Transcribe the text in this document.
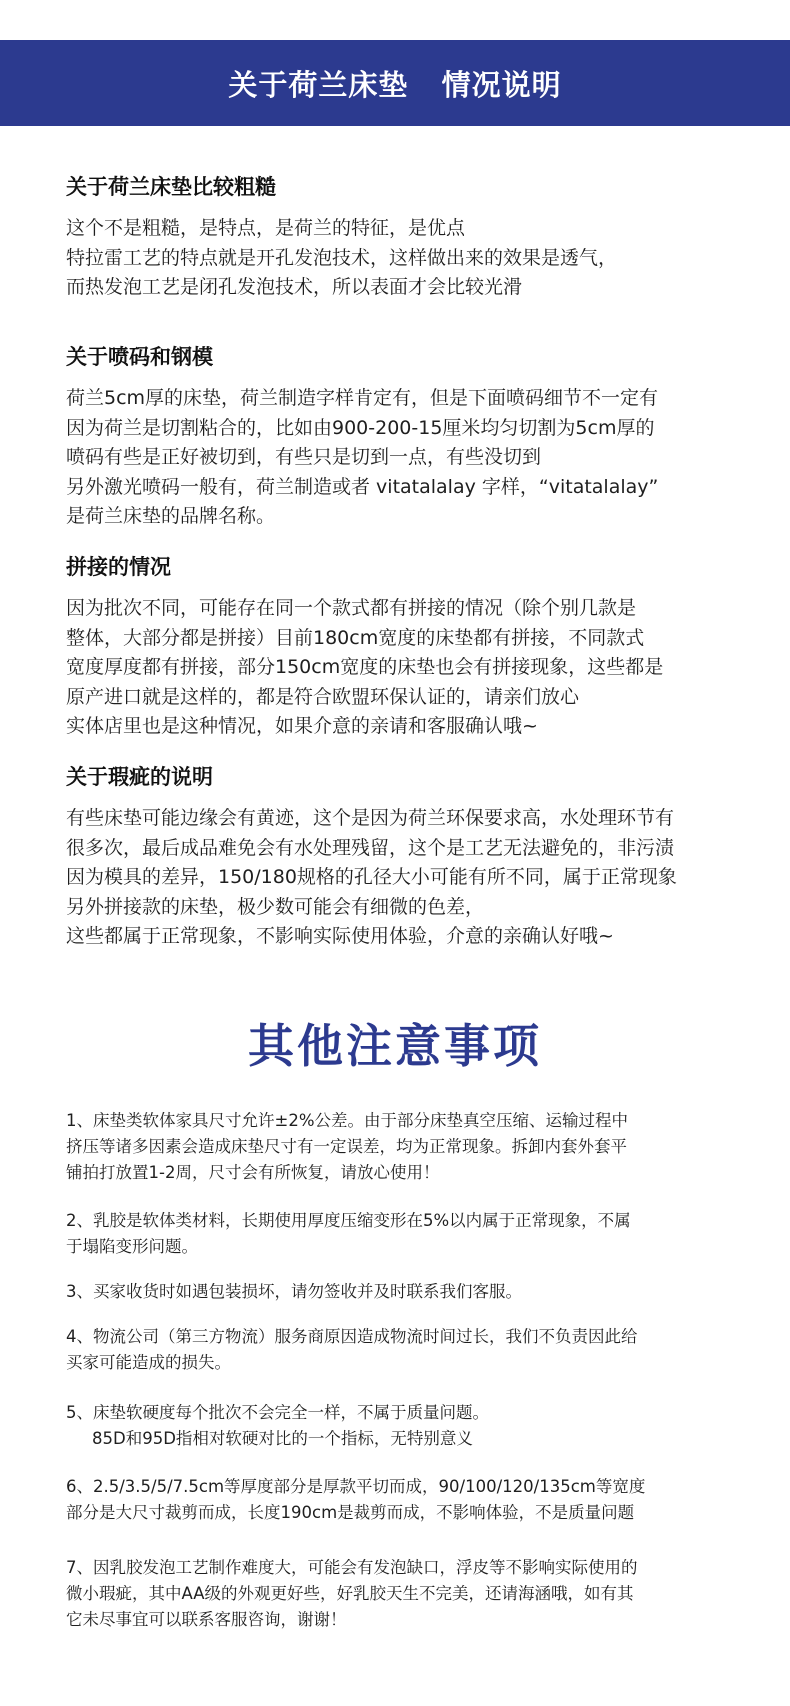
关于荷兰床垫   情况说明
关于荷兰床垫比较粗糙
这个不是粗糙，是特点，是荷兰的特征，是优点
特拉雷工艺的特点就是开孔发泡技术，这样做出来的效果是透气，
而热发泡工艺是闭孔发泡技术，所以表面才会比较光滑
关于喷码和钢模
荷兰5cm厚的床垫，荷兰制造字样肯定有，但是下面喷码细节不一定有
因为荷兰是切割粘合的，比如由900-200-15厘米均匀切割为5cm厚的
喷码有些是正好被切到，有些只是切到一点，有些没切到
另外激光喷码一般有，荷兰制造或者 vitatalalay 字样，“vitatalalay”
是荷兰床垫的品牌名称。
拼接的情况
因为批次不同，可能存在同一个款式都有拼接的情况（除个别几款是
整体，大部分都是拼接）目前180cm宽度的床垫都有拼接，不同款式
宽度厚度都有拼接，部分150cm宽度的床垫也会有拼接现象，这些都是
原产进口就是这样的，都是符合欧盟环保认证的，请亲们放心
实体店里也是这种情况，如果介意的亲请和客服确认哦~
关于瑕疵的说明
有些床垫可能边缘会有黄迹，这个是因为荷兰环保要求高，水处理环节有
很多次，最后成品难免会有水处理残留，这个是工艺无法避免的，非污渍
因为模具的差异，150/180规格的孔径大小可能有所不同，属于正常现象
另外拼接款的床垫，极少数可能会有细微的色差，
这些都属于正常现象，不影响实际使用体验，介意的亲确认好哦~
其他注意事项
1、床垫类软体家具尺寸允许±2%公差。由于部分床垫真空压缩、运输过程中
挤压等诸多因素会造成床垫尺寸有一定误差，均为正常现象。拆卸内套外套平
铺拍打放置1-2周，尺寸会有所恢复，请放心使用！
2、乳胶是软体类材料，长期使用厚度压缩变形在5%以内属于正常现象，不属
于塌陷变形问题。
3、买家收货时如遇包装损坏，请勿签收并及时联系我们客服。
4、物流公司（第三方物流）服务商原因造成物流时间过长，我们不负责因此给
买家可能造成的损失。
5、床垫软硬度每个批次不会完全一样，不属于质量问题。
85D和95D指相对软硬对比的一个指标，无特别意义
6、2.5/3.5/5/7.5cm等厚度部分是厚款平切而成，90/100/120/135cm等宽度
部分是大尺寸裁剪而成，长度190cm是裁剪而成，不影响体验，不是质量问题
7、因乳胶发泡工艺制作难度大，可能会有发泡缺口，浮皮等不影响实际使用的
微小瑕疵，其中AA级的外观更好些，好乳胶天生不完美，还请海涵哦，如有其
它未尽事宜可以联系客服咨询，谢谢！
